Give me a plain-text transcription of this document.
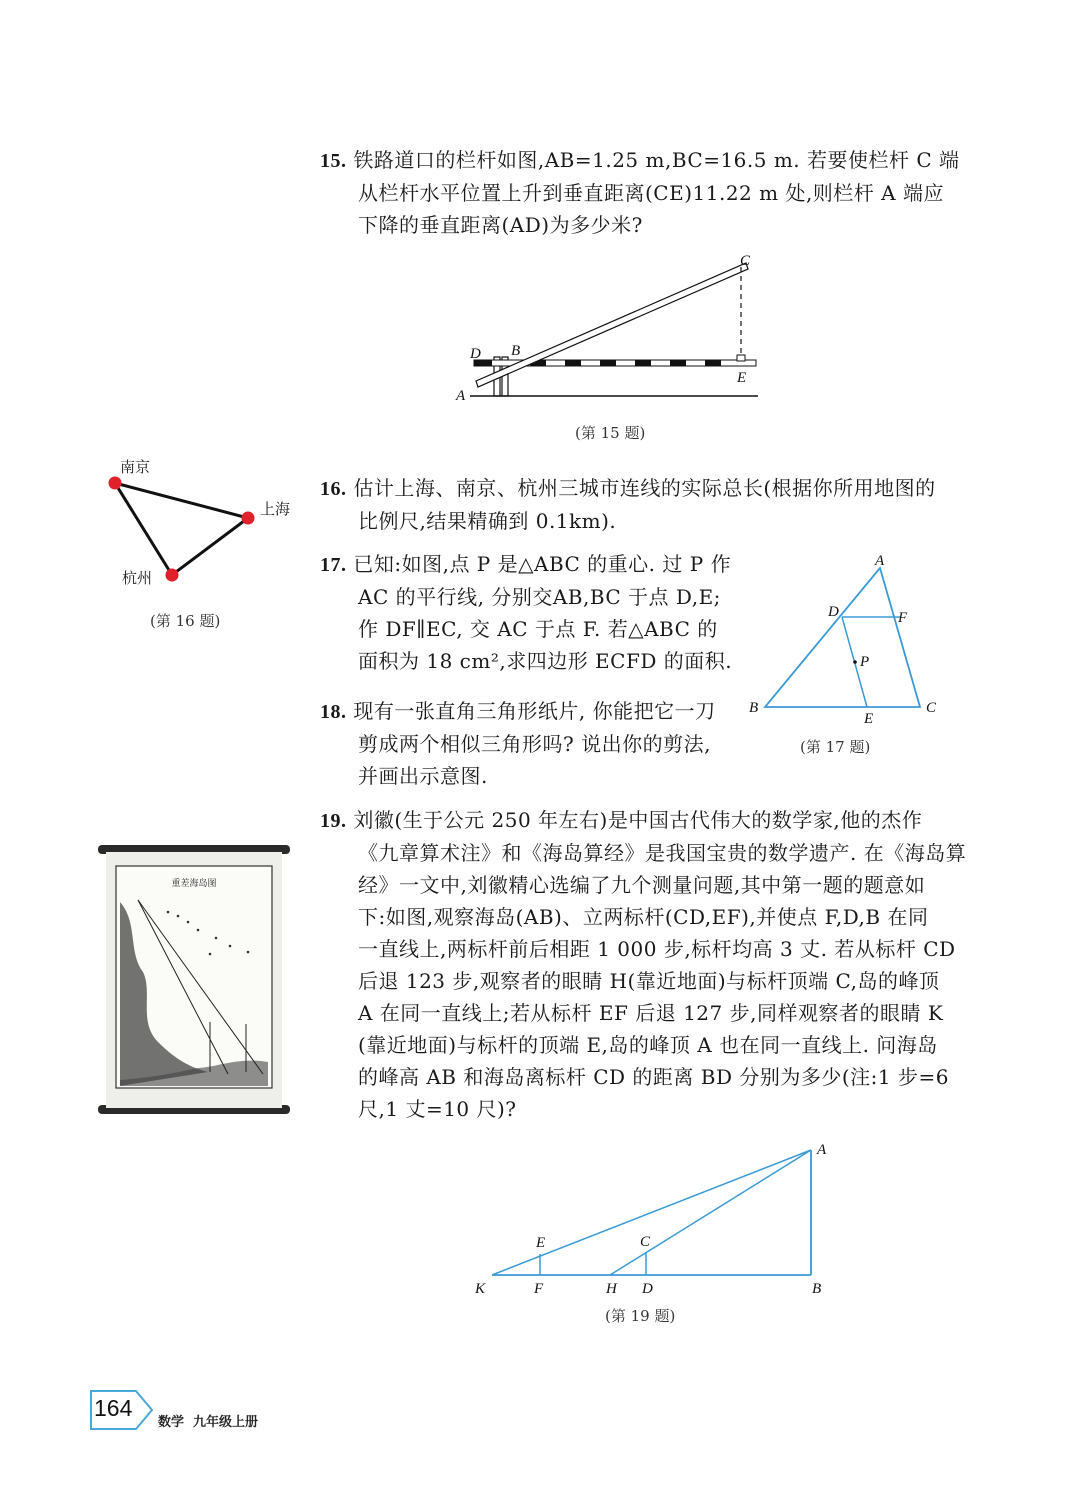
15. 铁路道口的栏杆如图,AB=1.25 m,BC=16.5 m. 若要使栏杆 C 端
从栏杆水平位置上升到垂直距离(CE)11.22 m 处,则栏杆 A 端应
下降的垂直距离(AD)为多少米?
C
D B
E
A
(第 15 题)
南京
上海
杭州
(第 16 题)
16. 估计上海、南京、杭州三城市连线的实际总长(根据你所用地图的
比例尺,结果精确到 0.1km).
17. 已知:如图,点 P 是△ABC 的重心. 过 P 作
AC 的平行线, 分别交AB,BC 于点 D,E;
作 DF∥EC, 交 AC 于点 F. 若△ABC 的
面积为 18 cm²,求四边形 ECFD 的面积.
A
D	F
P
B	C
E
(第 17 题)
18. 现有一张直角三角形纸片, 你能把它一刀
剪成两个相似三角形吗? 说出你的剪法,
并画出示意图.
重差海岛图
19. 刘徽(生于公元 250 年左右)是中国古代伟大的数学家,他的杰作
《九章算术注》和《海岛算经》是我国宝贵的数学遗产. 在《海岛算
经》一文中,刘徽精心选编了九个测量问题,其中第一题的题意如
下:如图,观察海岛(AB)、立两标杆(CD,EF),并使点 F,D,B 在同
一直线上,两标杆前后相距 1 000 步,标杆均高 3 丈. 若从标杆 CD
后退 123 步,观察者的眼睛 H(靠近地面)与标杆顶端 C,岛的峰顶
A 在同一直线上;若从标杆 EF 后退 127 步,同样观察者的眼睛 K
(靠近地面)与标杆的顶端 E,岛的峰顶 A 也在同一直线上. 问海岛
的峰高 AB 和海岛离标杆 CD 的距离 BD 分别为多少(注:1 步=6
尺,1 丈=10 尺)?
A
E	C
K	F	H D	B
(第 19 题)
164
数学  九年级上册
